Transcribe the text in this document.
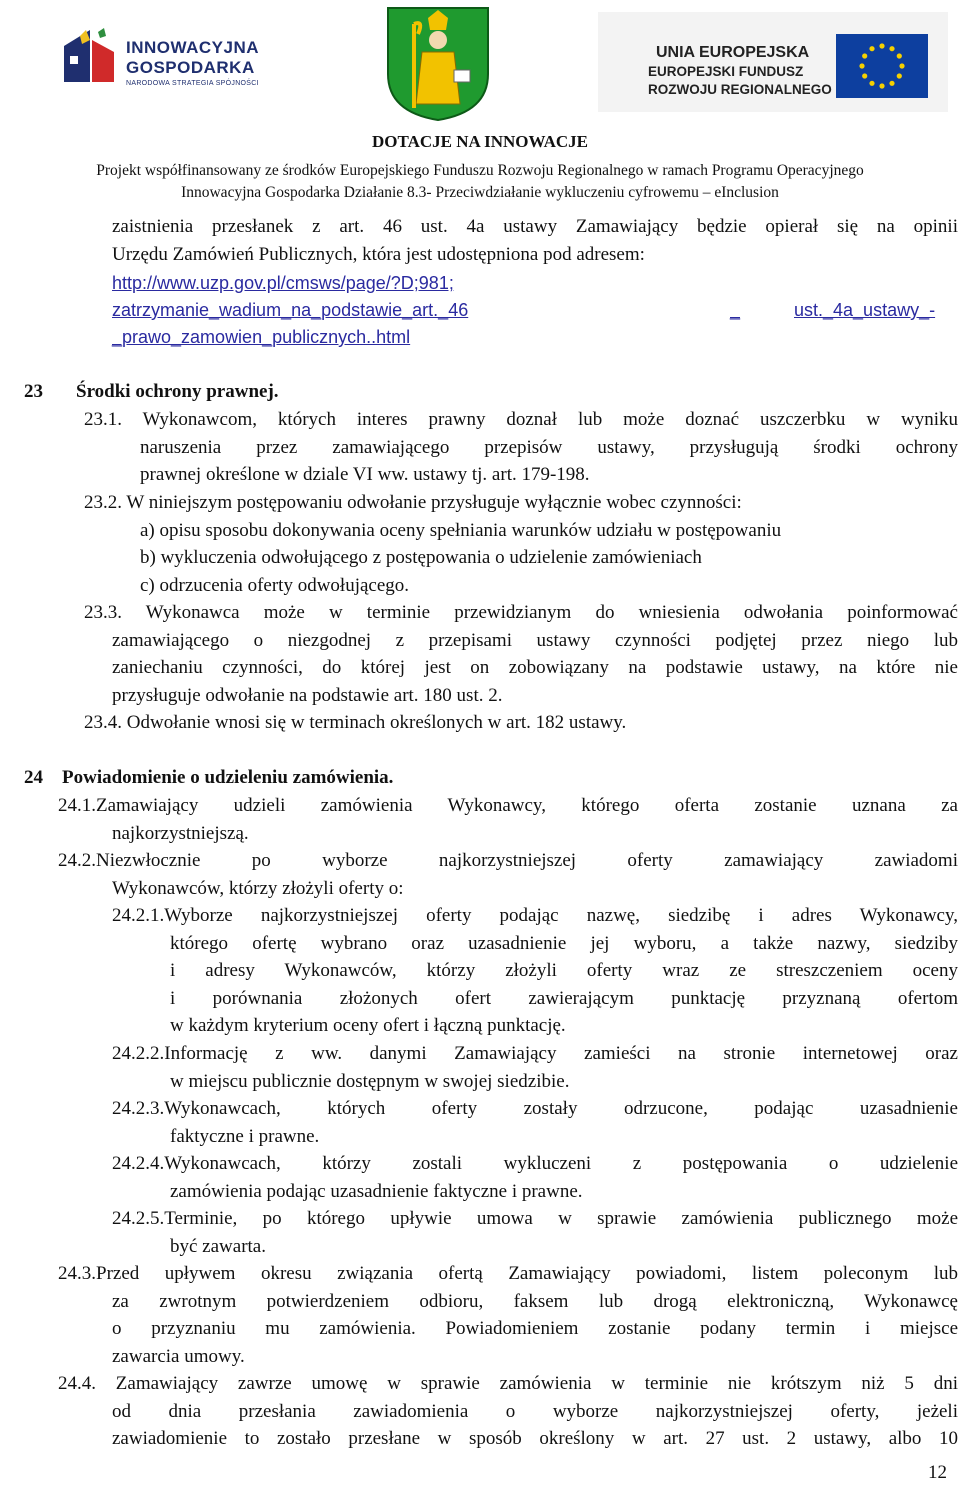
INNOWACYJNA
GOSPODARKA
NARODOWA STRATEGIA SPÓJNOŚCI
UNIA EUROPEJSKA
EUROPEJSKI FUNDUSZ
ROZWOJU REGIONALNEGO
DOTACJE NA INNOWACJE
Projekt współfinansowany ze środków Europejskiego Funduszu Rozwoju Regionalnego w ramach Programu Operacyjnego
Innowacyjna Gospodarka Działanie 8.3- Przeciwdziałanie wykluczeniu cyfrowemu – eInclusion
zaistnienia przesłanek z art. 46 ust. 4a ustawy Zamawiający będzie opierał się na opinii
Urzędu Zamówień Publicznych, która jest udostępniona pod adresem:
http://www.uzp.gov.pl/cmsws/page/?D;981;
zatrzymanie_wadium_na_podstawie_art._46	_	ust._4a_ustawy_-
_prawo_zamowien_publicznych..html
23 Środki ochrony prawnej.
23.1. Wykonawcom, których interes prawny doznał lub może doznać uszczerbku w wyniku
naruszenia przez zamawiającego przepisów ustawy, przysługują środki ochrony
prawnej określone w dziale VI ww. ustawy tj. art. 179-198.
23.2. W niniejszym postępowaniu odwołanie przysługuje wyłącznie wobec czynności:
a) opisu sposobu dokonywania oceny spełniania warunków udziału w postępowaniu
b) wykluczenia odwołującego z postępowania o udzielenie zamówieniach
c) odrzucenia oferty odwołującego.
23.3. Wykonawca może w terminie przewidzianym do wniesienia odwołania poinformować
zamawiającego o niezgodnej z przepisami ustawy czynności podjętej przez niego lub
zaniechaniu czynności, do której jest on zobowiązany na podstawie ustawy, na które nie
przysługuje odwołanie na podstawie art. 180 ust. 2.
23.4. Odwołanie wnosi się w terminach określonych w art. 182 ustawy.
24 Powiadomienie o udzieleniu zamówienia.
24.1.Zamawiający udzieli zamówienia Wykonawcy, którego oferta zostanie uznana za
najkorzystniejszą.
24.2.Niezwłocznie po wyborze najkorzystniejszej oferty zamawiający zawiadomi
Wykonawców, którzy złożyli oferty o:
24.2.1.Wyborze najkorzystniejszej oferty podając nazwę, siedzibę i adres Wykonawcy,
którego ofertę wybrano oraz uzasadnienie jej wyboru, a także nazwy, siedziby
i adresy Wykonawców, którzy złożyli oferty wraz ze streszczeniem oceny
i porównania złożonych ofert zawierającym punktację przyznaną ofertom
w każdym kryterium oceny ofert i łączną punktację.
24.2.2.Informację z ww. danymi Zamawiający zamieści na stronie internetowej oraz
w miejscu publicznie dostępnym w swojej siedzibie.
24.2.3.Wykonawcach, których oferty zostały odrzucone, podając uzasadnienie
faktyczne i prawne.
24.2.4.Wykonawcach, którzy zostali wykluczeni z postępowania o udzielenie
zamówienia podając uzasadnienie faktyczne i prawne.
24.2.5.Terminie, po którego upływie umowa w sprawie zamówienia publicznego może
być zawarta.
24.3.Przed upływem okresu związania ofertą Zamawiający powiadomi, listem poleconym lub
za zwrotnym potwierdzeniem odbioru, faksem lub drogą elektroniczną, Wykonawcę
o przyznaniu mu zamówienia. Powiadomieniem zostanie podany termin i miejsce
zawarcia umowy.
24.4. Zamawiający zawrze umowę w sprawie zamówienia w terminie nie krótszym niż 5 dni
od dnia przesłania zawiadomienia o wyborze najkorzystniejszej oferty, jeżeli
zawiadomienie to zostało przesłane w sposób określony w art. 27 ust. 2 ustawy, albo 10
12
